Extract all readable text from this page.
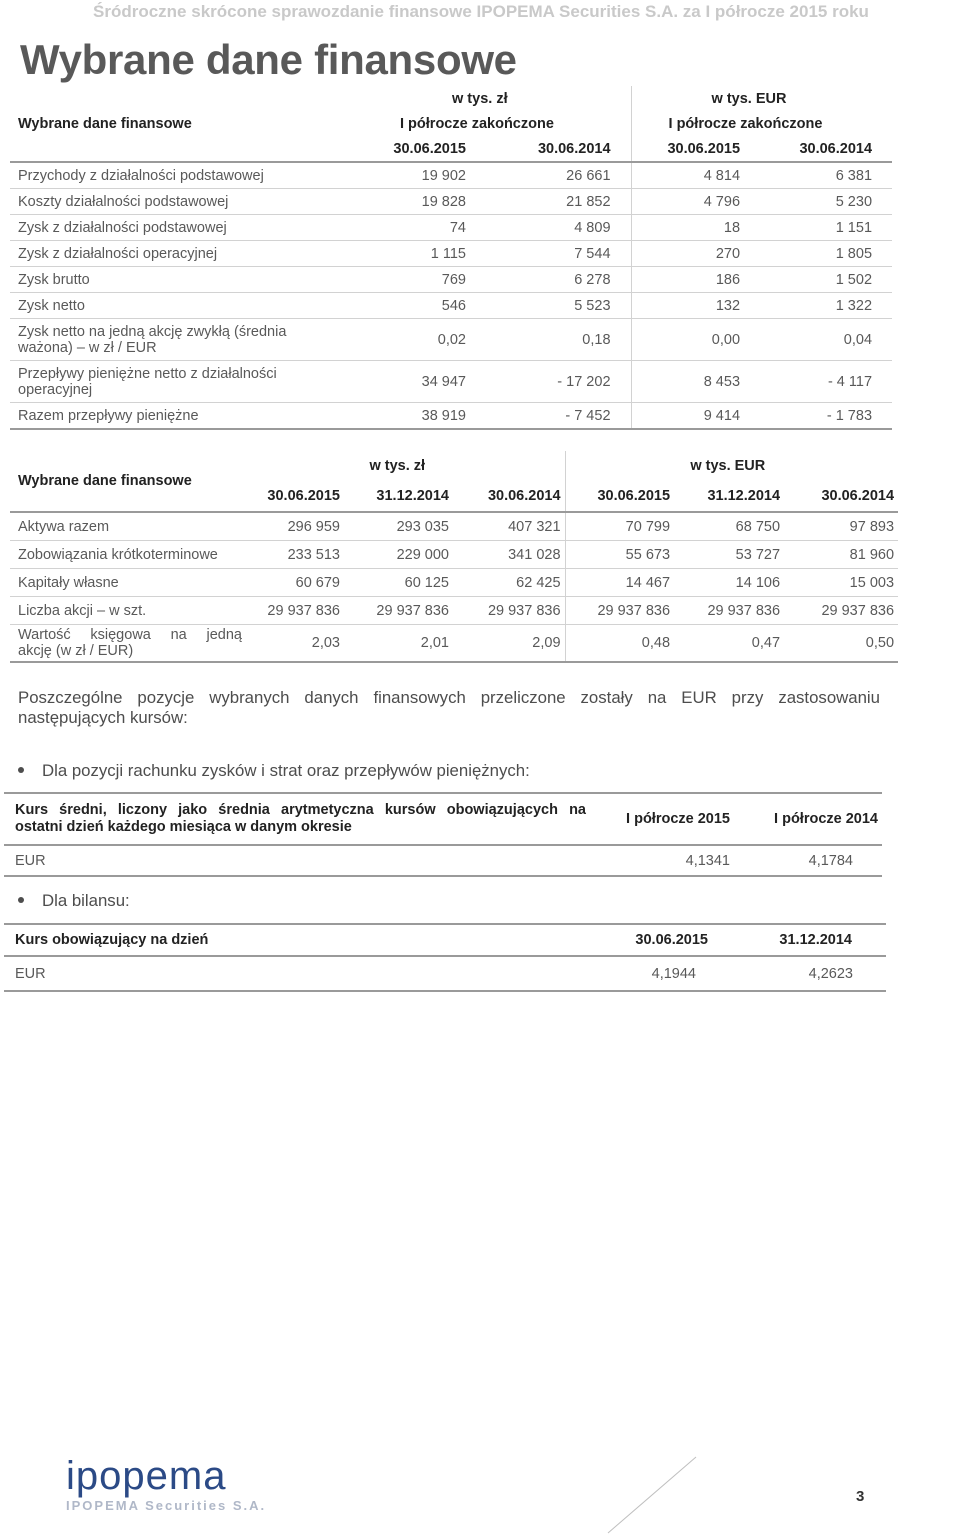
Śródroczne skrócone sprawozdanie finansowe IPOPEMA Securities S.A. za I półrocze 2015 roku
Wybrane dane finansowe
	w tys. zł		w tys. EUR	
Wybrane dane finansowe	I półrocze zakończone		I półrocze zakończone	
	30.06.2015	30.06.2014	30.06.2015	30.06.2014
Przychody z działalności podstawowej	19 902	26 661	4 814	6 381
Koszty działalności podstawowej	19 828	21 852	4 796	5 230
Zysk z działalności podstawowej	74	4 809	18	1 151
Zysk z działalności operacyjnej	1 115	7 544	270	1 805
Zysk brutto	769	6 278	186	1 502
Zysk netto	546	5 523	132	1 322
Zysk netto na jedną akcję zwykłą (średnia
ważona) – w zł / EUR	0,02	0,18	0,00	0,04
Przepływy pieniężne netto z działalności
operacyjnej	34 947	- 17 202	8 453	- 4 117
Razem przepływy pieniężne	38 919	- 7 452	9 414	- 1 783
Wybrane dane finansowe	w tys. zł			w tys. EUR		
	30.06.2015	31.12.2014	30.06.2014	30.06.2015	31.12.2014	30.06.2014
Aktywa razem	296 959	293 035	407 321	70 799	68 750	97 893
Zobowiązania krótkoterminowe	233 513	229 000	341 028	55 673	53 727	81 960
Kapitały własne	60 679	60 125	62 425	14 467	14 106	15 003
Liczba akcji – w szt.	29 937 836	29 937 836	29 937 836	29 937 836	29 937 836	29 937 836

Wartość księgowa na jedną
akcję (w zł / EUR)	2,03	2,01	2,09	0,48	0,47	0,50
Poszczególne pozycje wybranych danych finansowych przeliczone zostały na EUR przy zastosowaniu
następujących kursów:
Dla pozycji rachunku zysków i strat oraz przepływów pieniężnych:
Kurs średni, liczony jako średnia arytmetyczna kursów obowiązujących na
ostatni dzień każdego miesiąca w danym okresie	I półrocze 2015	I półrocze 2014
EUR	4,1341	4,1784
Dla bilansu:
Kurs obowiązujący na dzień	30.06.2015	31.12.2014
EUR	4,1944	4,2623
ipopema
IPOPEMA Securities S.A.
3
